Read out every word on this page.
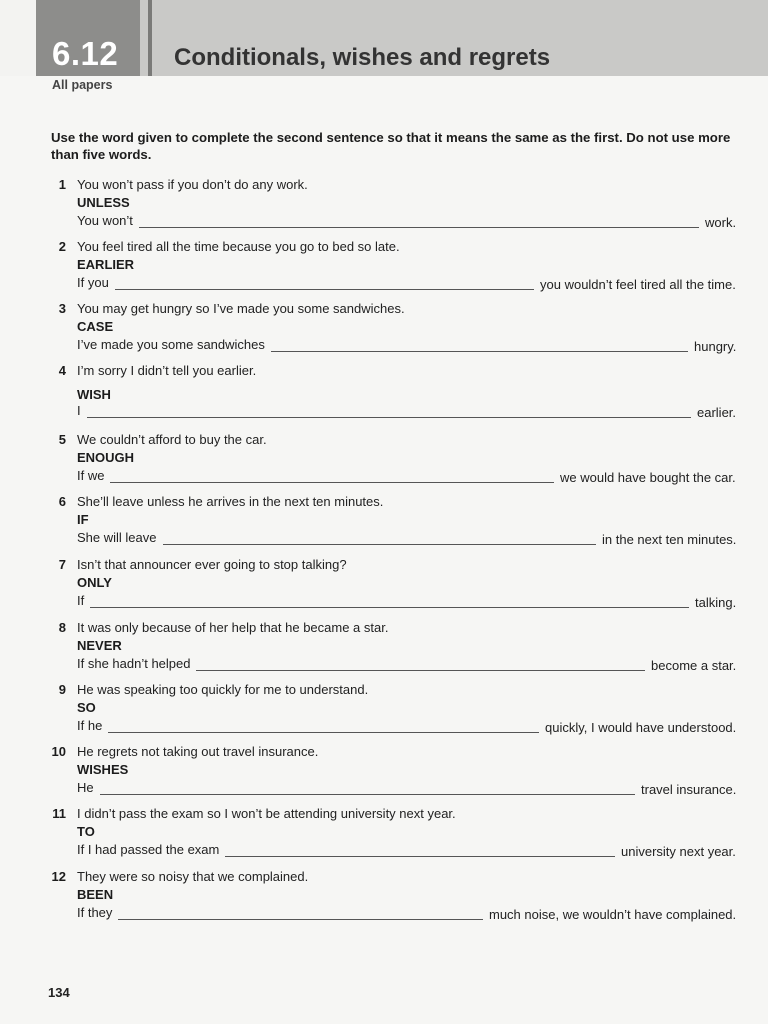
6.12 Conditionals, wishes and regrets
All papers
Use the word given to complete the second sentence so that it means the same as the first. Do not use more than five words.
1 You won’t pass if you don’t do any work.
UNLESS
You won’t	work.
2 You feel tired all the time because you go to bed so late.
EARLIER
If you	you wouldn’t feel tired all the time.
3 You may get hungry so I’ve made you some sandwiches.
CASE
I’ve made you some sandwiches	hungry.
4 I’m sorry I didn’t tell you earlier.
WISH
I	earlier.
5 We couldn’t afford to buy the car.
ENOUGH
If we	we would have bought the car.
6 She’ll leave unless he arrives in the next ten minutes.
IF
She will leave	in the next ten minutes.
7 Isn’t that announcer ever going to stop talking?
ONLY
If	talking.
8 It was only because of her help that he became a star.
NEVER
If she hadn’t helped	become a star.
9 He was speaking too quickly for me to understand.
SO
If he	quickly, I would have understood.
10 He regrets not taking out travel insurance.
WISHES
He	travel insurance.
11 I didn’t pass the exam so I won’t be attending university next year.
TO
If I had passed the exam	university next year.
12 They were so noisy that we complained.
BEEN
If they	much noise, we wouldn’t have complained.
134
